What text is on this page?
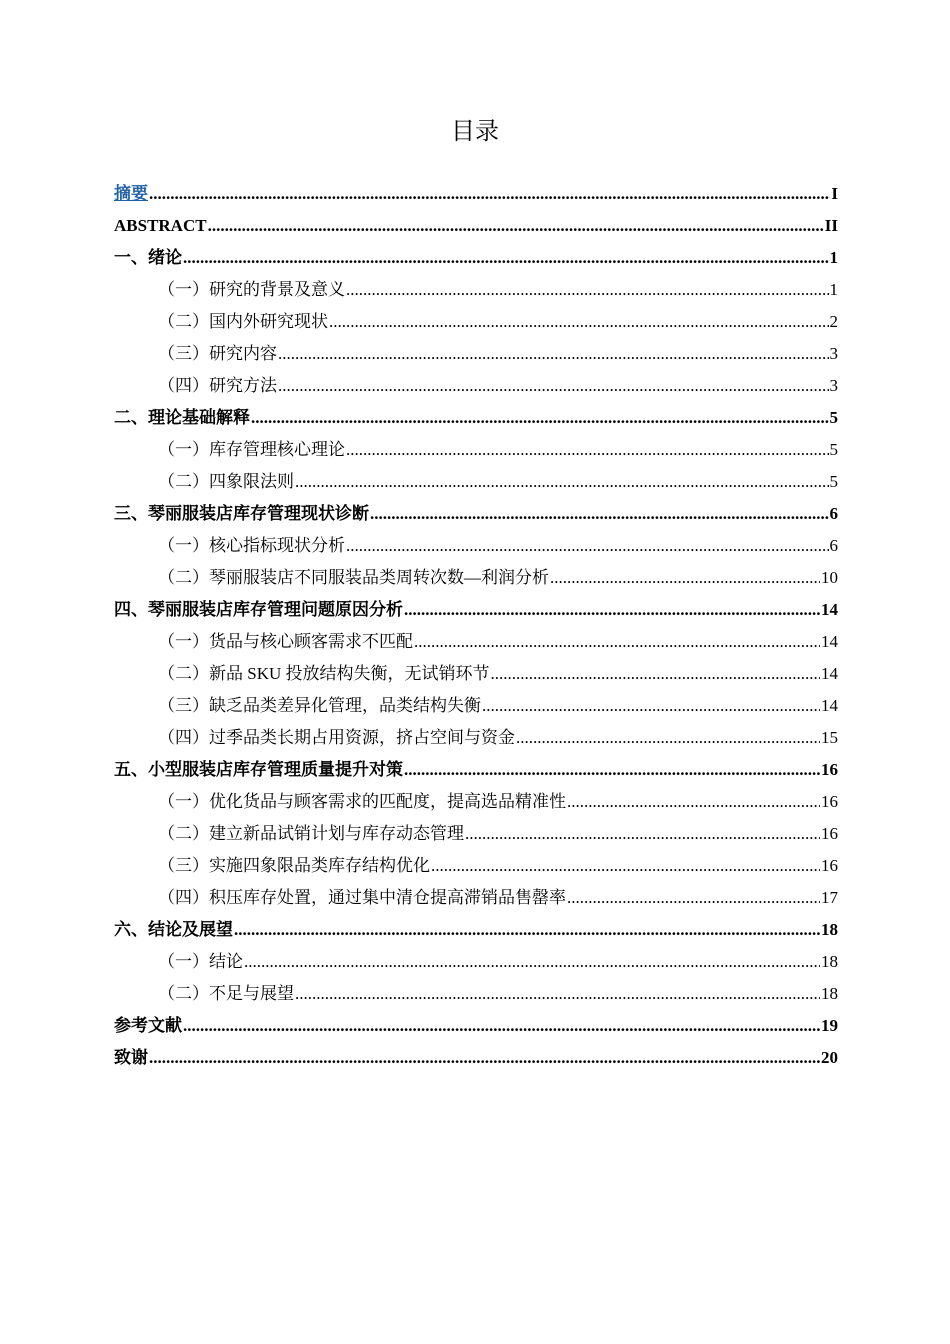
目录
摘要 .....	I
ABSTRACT .....	II
一、绪论 .....	1
（一）研究的背景及意义 .....	1
（二）国内外研究现状 .....	2
（三）研究内容 .....	3
（四）研究方法 .....	3
二、理论基础解释 .....	5
（一）库存管理核心理论 .....	5
（二）四象限法则 .....	5
三、琴丽服装店库存管理现状诊断 .....	6
（一）核心指标现状分析 .....	6
（二）琴丽服装店不同服装品类周转次数—利润分析 .....	10
四、琴丽服装店库存管理问题原因分析 .....	14
（一）货品与核心顾客需求不匹配 .....	14
（二）新品 SKU 投放结构失衡，无试销环节 .....	14
（三）缺乏品类差异化管理，品类结构失衡 .....	14
（四）过季品类长期占用资源，挤占空间与资金 .....	15
五、小型服装店库存管理质量提升对策 .....	16
（一）优化货品与顾客需求的匹配度，提高选品精准性 .....	16
（二）建立新品试销计划与库存动态管理 .....	16
（三）实施四象限品类库存结构优化 .....	16
（四）积压库存处置，通过集中清仓提高滞销品售罄率 .....	17
六、结论及展望 .....	18
（一）结论 .....	18
（二）不足与展望 .....	18
参考文献 .....	19
致谢 .....	20
